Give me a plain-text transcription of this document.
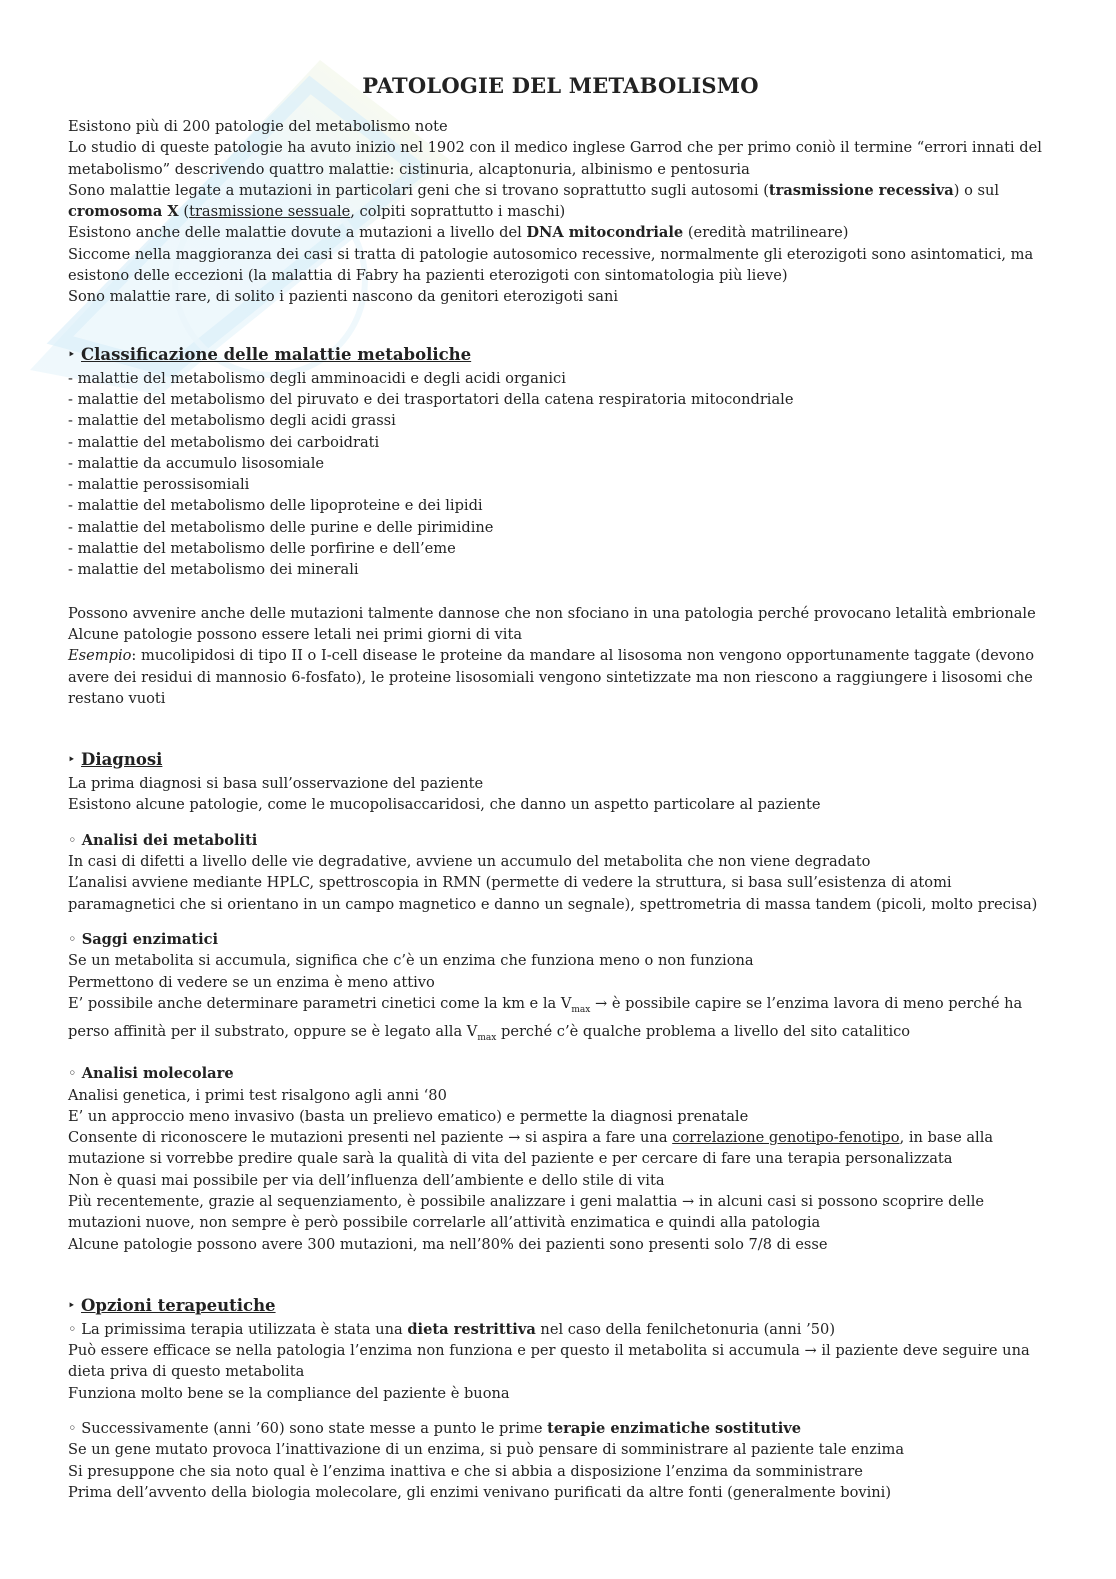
PATOLOGIE DEL METABOLISMO

Esistono più di 200 patologie del metabolismo note

Lo studio di queste patologie ha avuto inizio nel 1902 con il medico inglese Garrod che per primo coniò il termine “errori innati del metabolismo” descrivendo quattro malattie: cistinuria, alcaptonuria, albinismo e pentosuria

Sono malattie legate a mutazioni in particolari geni che si trovano soprattutto sugli autosomi (trasmissione recessiva) o sul cromosoma X (trasmissione sessuale, colpiti soprattutto i maschi)

Esistono anche delle malattie dovute a mutazioni a livello del DNA mitocondriale (eredità matrilineare)

Siccome nella maggioranza dei casi si tratta di patologie autosomico recessive, normalmente gli eterozigoti sono asintomatici, ma esistono delle eccezioni (la malattia di Fabry ha pazienti eterozigoti con sintomatologia più lieve)

Sono malattie rare, di solito i pazienti nascono da genitori eterozigoti sani

‣ Classificazione delle malattie metaboliche
- malattie del metabolismo degli amminoacidi e degli acidi organici
- malattie del metabolismo del piruvato e dei trasportatori della catena respiratoria mitocondriale
- malattie del metabolismo degli acidi grassi
- malattie del metabolismo dei carboidrati
- malattie da accumulo lisosomiale
- malattie perossisomiali
- malattie del metabolismo delle lipoproteine e dei lipidi
- malattie del metabolismo delle purine e delle pirimidine
- malattie del metabolismo delle porfirine e dell’eme
- malattie del metabolismo dei minerali

Possono avvenire anche delle mutazioni talmente dannose che non sfociano in una patologia perché provocano letalità embrionale

Alcune patologie possono essere letali nei primi giorni di vita

Esempio: mucolipidosi di tipo II o I-cell disease le proteine da mandare al lisosoma non vengono opportunamente taggate (devono avere dei residui di mannosio 6-fosfato), le proteine lisosomiali vengono sintetizzate ma non riescono a raggiungere i lisosomi che restano vuoti

‣ Diagnosi

La prima diagnosi si basa sull’osservazione del paziente

Esistono alcune patologie, come le mucopolisaccaridosi, che danno un aspetto particolare al paziente

◦ Analisi dei metaboliti

In casi di difetti a livello delle vie degradative, avviene un accumulo del metabolita che non viene degradato

L’analisi avviene mediante HPLC, spettroscopia in RMN (permette di vedere la struttura, si basa sull’esistenza di atomi paramagnetici che si orientano in un campo magnetico e danno un segnale), spettrometria di massa tandem (picoli, molto precisa)

◦ Saggi enzimatici

Se un metabolita si accumula, significa che c’è un enzima che funziona meno o non funziona

Permettono di vedere se un enzima è meno attivo

E’ possibile anche determinare parametri cinetici come la km e la $V_{max}$ → è possibile capire se l’enzima lavora di meno perché ha perso affinità per il substrato, oppure se è legato alla $V_{max}$ perché c’è qualche problema a livello del sito catalitico

◦ Analisi molecolare

Analisi genetica, i primi test risalgono agli anni ‘80

E’ un approccio meno invasivo (basta un prelievo ematico) e permette la diagnosi prenatale

Consente di riconoscere le mutazioni presenti nel paziente → si aspira a fare una correlazione genotipo-fenotipo, in base alla mutazione si vorrebbe predire quale sarà la qualità di vita del paziente e per cercare di fare una terapia personalizzata

Non è quasi mai possibile per via dell’influenza dell’ambiente e dello stile di vita

Più recentemente, grazie al sequenziamento, è possibile analizzare i geni malattia → in alcuni casi si possono scoprire delle mutazioni nuove, non sempre è però possibile correlarle all’attività enzimatica e quindi alla patologia

Alcune patologie possono avere 300 mutazioni, ma nell’80% dei pazienti sono presenti solo 7/8 di esse

‣ Opzioni terapeutiche

◦ La primissima terapia utilizzata è stata una dieta restrittiva nel caso della fenilchetonuria (anni ’50)

Può essere efficace se nella patologia l’enzima non funziona e per questo il metabolita si accumula → il paziente deve seguire una dieta priva di questo metabolita

Funziona molto bene se la compliance del paziente è buona

◦ Successivamente (anni ’60) sono state messe a punto le prime terapie enzimatiche sostitutive

Se un gene mutato provoca l’inattivazione di un enzima, si può pensare di somministrare al paziente tale enzima

Si presuppone che sia noto qual è l’enzima inattiva e che si abbia a disposizione l’enzima da somministrare

Prima dell’avvento della biologia molecolare, gli enzimi venivano purificati da altre fonti (generalmente bovini)
